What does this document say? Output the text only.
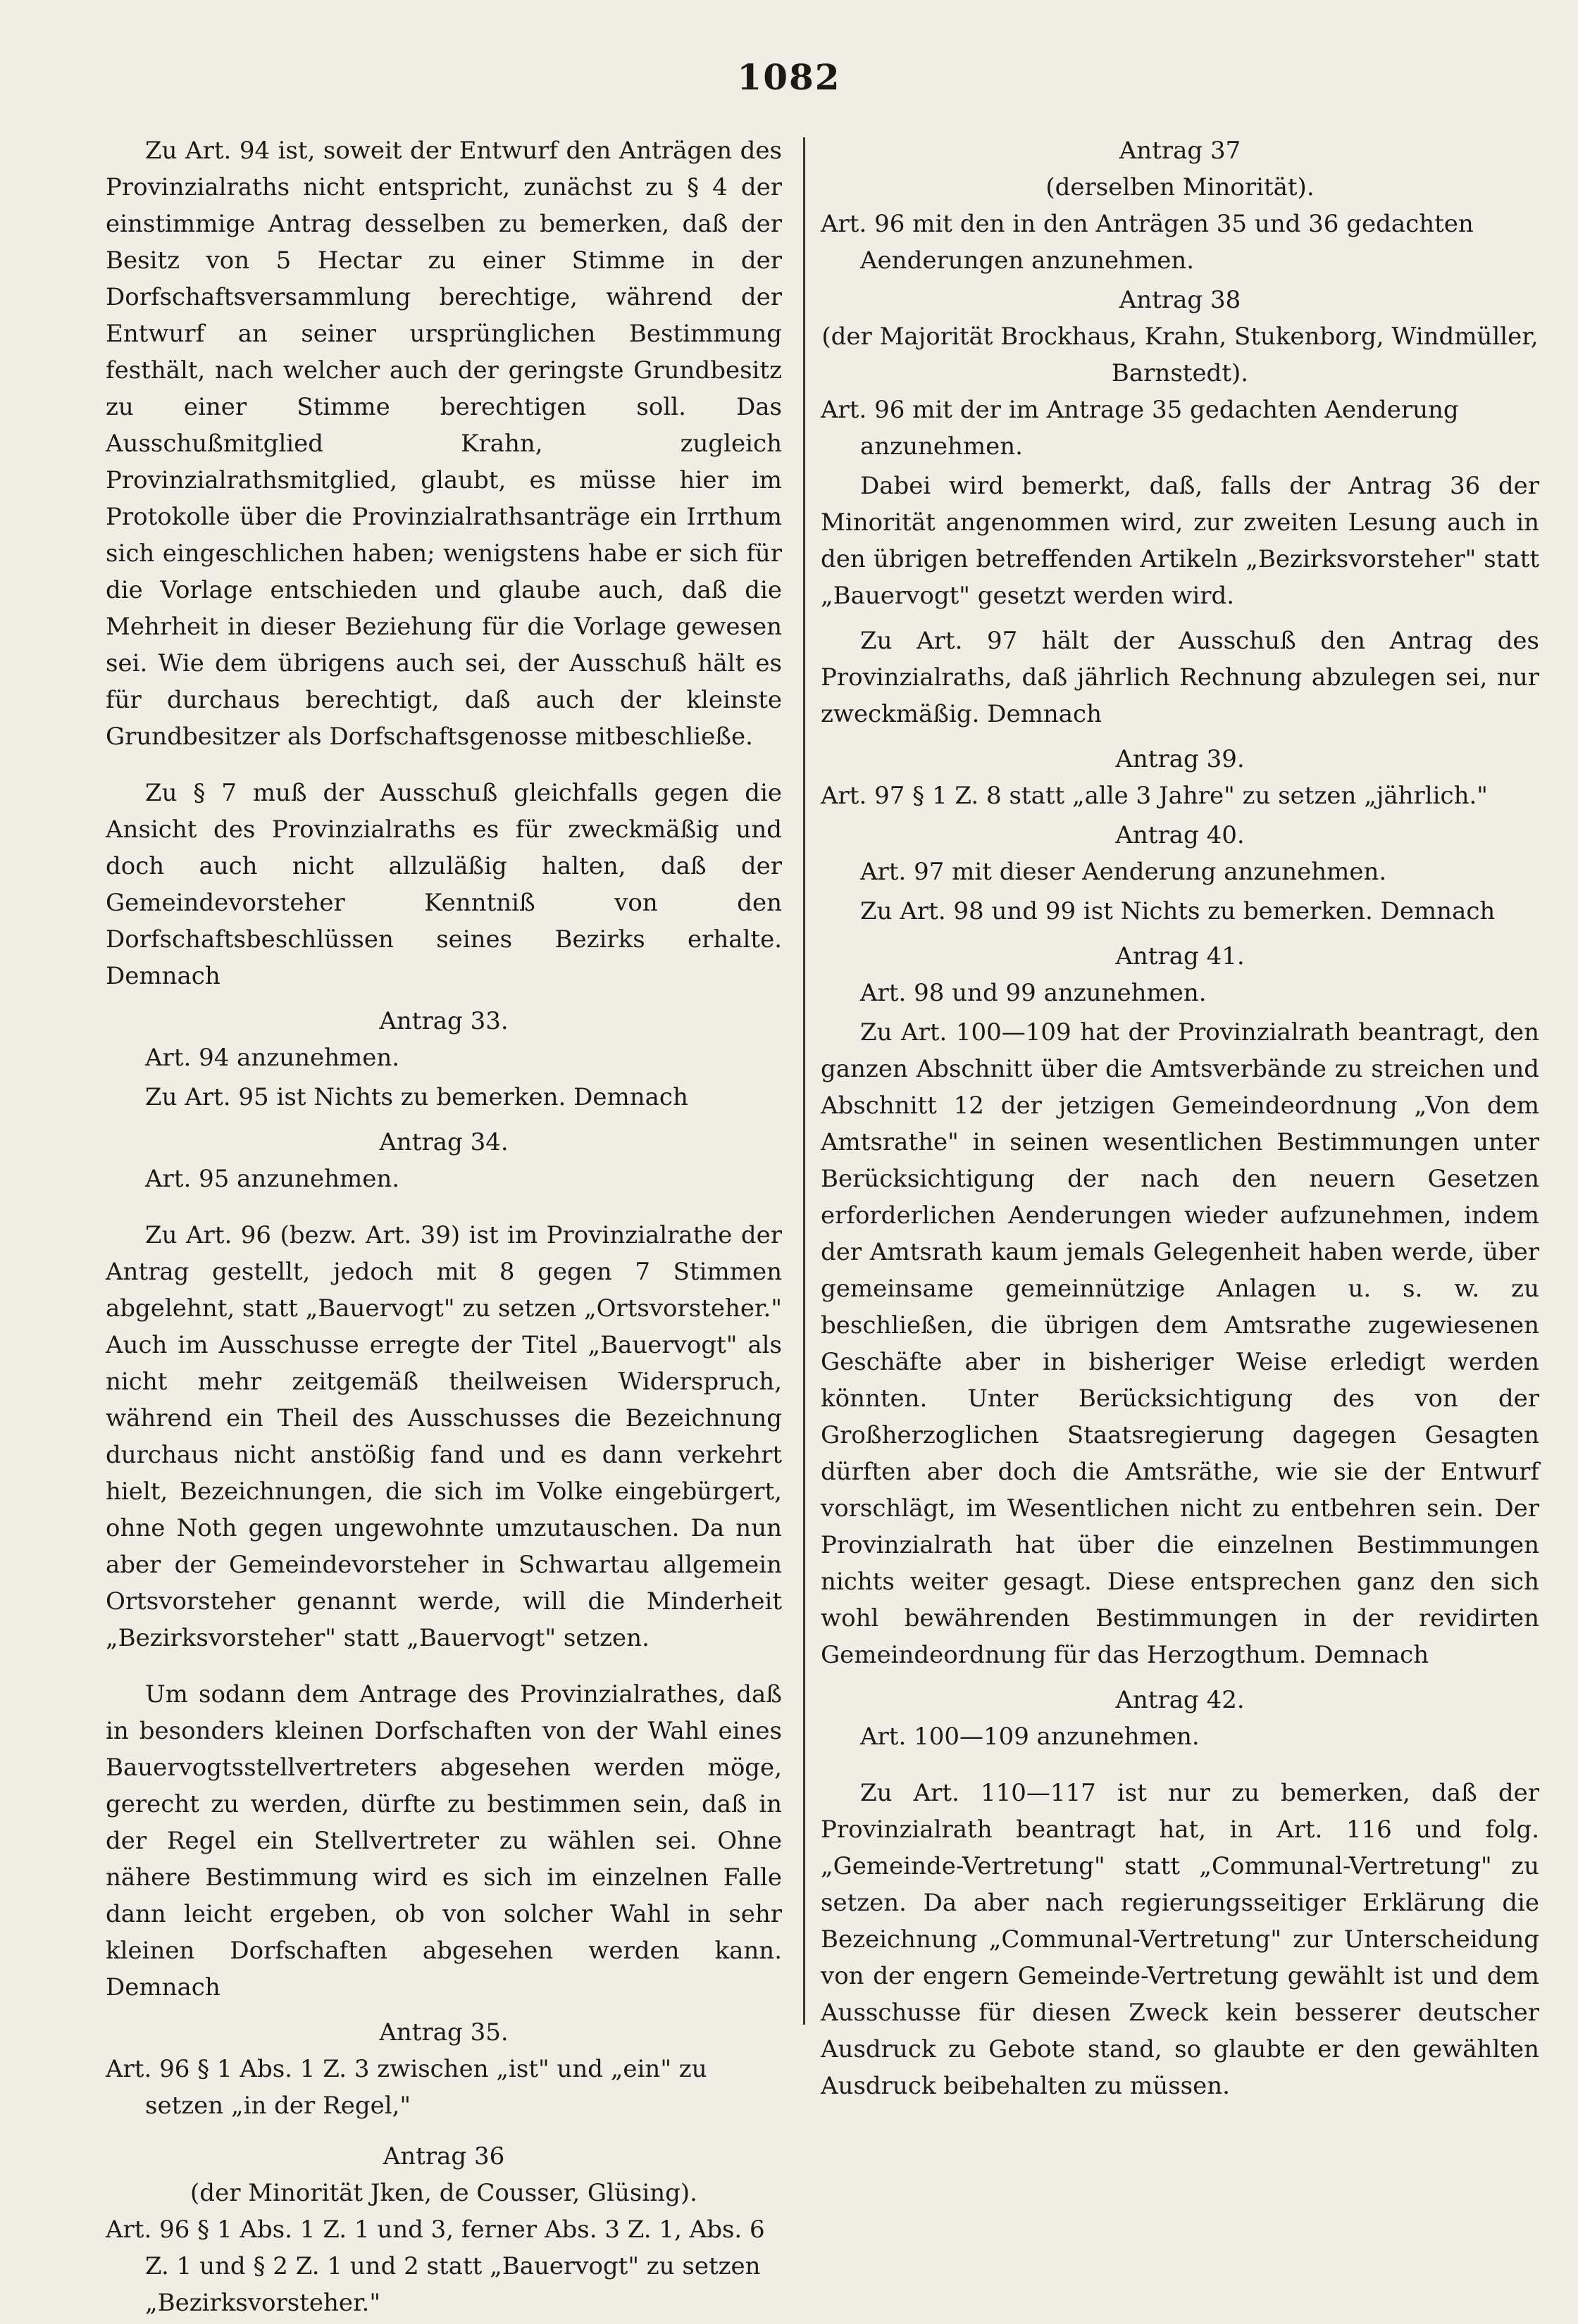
1082

Zu Art. 94 ist, soweit der Entwurf den Anträgen des Provinzialraths nicht entspricht, zunächst zu § 4 der einstimmige Antrag desselben zu bemerken, daß der Besitz von 5 Hectar zu einer Stimme in der Dorfschaftsversammlung berechtige, während der Entwurf an seiner ursprünglichen Bestimmung festhält, nach welcher auch der geringste Grundbesitz zu einer Stimme berechtigen soll. Das Ausschußmitglied Krahn, zugleich Provinzialrathsmitglied, glaubt, es müsse hier im Protokolle über die Provinzialrathsanträge ein Irrthum sich eingeschlichen haben; wenigstens habe er sich für die Vorlage entschieden und glaube auch, daß die Mehrheit in dieser Beziehung für die Vorlage gewesen sei. Wie dem übrigens auch sei, der Ausschuß hält es für durchaus berechtigt, daß auch der kleinste Grundbesitzer als Dorfschaftsgenosse mitbeschließe.

Zu § 7 muß der Ausschuß gleichfalls gegen die Ansicht des Provinzialraths es für zweckmäßig und doch auch nicht allzuläßig halten, daß der Gemeindevorsteher Kenntniß von den Dorfschaftsbeschlüssen seines Bezirks erhalte. Demnach

Antrag 33.

Art. 94 anzunehmen.

Zu Art. 95 ist Nichts zu bemerken. Demnach

Antrag 34.

Art. 95 anzunehmen.

Zu Art. 96 (bezw. Art. 39) ist im Provinzialrathe der Antrag gestellt, jedoch mit 8 gegen 7 Stimmen abgelehnt, statt „Bauervogt" zu setzen „Ortsvorsteher." Auch im Ausschusse erregte der Titel „Bauervogt" als nicht mehr zeitgemäß theilweisen Widerspruch, während ein Theil des Ausschusses die Bezeichnung durchaus nicht anstößig fand und es dann verkehrt hielt, Bezeichnungen, die sich im Volke eingebürgert, ohne Noth gegen ungewohnte umzutauschen. Da nun aber der Gemeindevorsteher in Schwartau allgemein Ortsvorsteher genannt werde, will die Minderheit „Bezirksvorsteher" statt „Bauervogt" setzen.

Um sodann dem Antrage des Provinzialrathes, daß in besonders kleinen Dorfschaften von der Wahl eines Bauervogtsstellvertreters abgesehen werden möge, gerecht zu werden, dürfte zu bestimmen sein, daß in der Regel ein Stellvertreter zu wählen sei. Ohne nähere Bestimmung wird es sich im einzelnen Falle dann leicht ergeben, ob von solcher Wahl in sehr kleinen Dorfschaften abgesehen werden kann. Demnach

Antrag 35.

Art. 96 § 1 Abs. 1 Z. 3 zwischen „ist" und „ein" zu setzen „in der Regel,"

Antrag 36

(der Minorität Jken, de Cousser, Glüsing).

Art. 96 § 1 Abs. 1 Z. 1 und 3, ferner Abs. 3 Z. 1, Abs. 6 Z. 1 und § 2 Z. 1 und 2 statt „Bauervogt" zu setzen „Bezirksvorsteher."

Antrag 37

(derselben Minorität).

Art. 96 mit den in den Anträgen 35 und 36 gedachten Aenderungen anzunehmen.

Antrag 38

(der Majorität Brockhaus, Krahn, Stukenborg, Windmüller, Barnstedt).

Art. 96 mit der im Antrage 35 gedachten Aenderung anzunehmen.

Dabei wird bemerkt, daß, falls der Antrag 36 der Minorität angenommen wird, zur zweiten Lesung auch in den übrigen betreffenden Artikeln „Bezirksvorsteher" statt „Bauervogt" gesetzt werden wird.

Zu Art. 97 hält der Ausschuß den Antrag des Provinzialraths, daß jährlich Rechnung abzulegen sei, nur zweckmäßig. Demnach

Antrag 39.

Art. 97 § 1 Z. 8 statt „alle 3 Jahre" zu setzen „jährlich."

Antrag 40.

Art. 97 mit dieser Aenderung anzunehmen.

Zu Art. 98 und 99 ist Nichts zu bemerken. Demnach

Antrag 41.

Art. 98 und 99 anzunehmen.

Zu Art. 100—109 hat der Provinzialrath beantragt, den ganzen Abschnitt über die Amtsverbände zu streichen und Abschnitt 12 der jetzigen Gemeindeordnung „Von dem Amtsrathe" in seinen wesentlichen Bestimmungen unter Berücksichtigung der nach den neuern Gesetzen erforderlichen Aenderungen wieder aufzunehmen, indem der Amtsrath kaum jemals Gelegenheit haben werde, über gemeinsame gemeinnützige Anlagen u. s. w. zu beschließen, die übrigen dem Amtsrathe zugewiesenen Geschäfte aber in bisheriger Weise erledigt werden könnten. Unter Berücksichtigung des von der Großherzoglichen Staatsregierung dagegen Gesagten dürften aber doch die Amtsräthe, wie sie der Entwurf vorschlägt, im Wesentlichen nicht zu entbehren sein. Der Provinzialrath hat über die einzelnen Bestimmungen nichts weiter gesagt. Diese entsprechen ganz den sich wohl bewährenden Bestimmungen in der revidirten Gemeindeordnung für das Herzogthum. Demnach

Antrag 42.

Art. 100—109 anzunehmen.

Zu Art. 110—117 ist nur zu bemerken, daß der Provinzialrath beantragt hat, in Art. 116 und folg. „Gemeinde-Vertretung" statt „Communal-Vertretung" zu setzen. Da aber nach regierungsseitiger Erklärung die Bezeichnung „Communal-Vertretung" zur Unterscheidung von der engern Gemeinde-Vertretung gewählt ist und dem Ausschusse für diesen Zweck kein besserer deutscher Ausdruck zu Gebote stand, so glaubte er den gewählten Ausdruck beibehalten zu müssen.
